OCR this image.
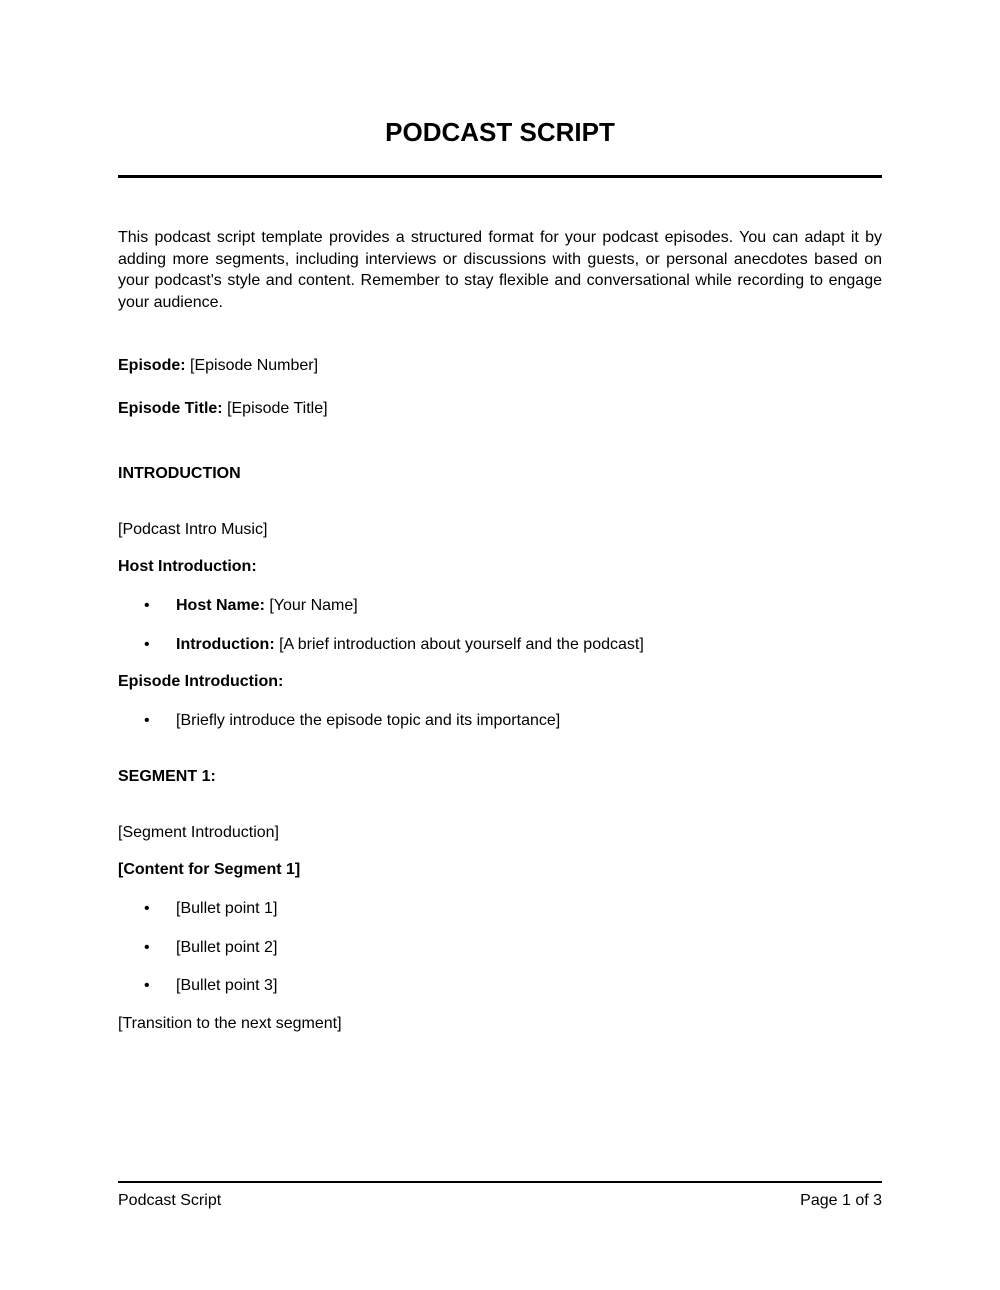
PODCAST SCRIPT

This podcast script template provides a structured format for your podcast episodes. You can adapt it by adding more segments, including interviews or discussions with guests, or personal anecdotes based on your podcast's style and content. Remember to stay flexible and conversational while recording to engage your audience.

Episode: [Episode Number]

Episode Title: [Episode Title]

INTRODUCTION

[Podcast Intro Music]

Host Introduction:

• Host Name: [Your Name]

• Introduction: [A brief introduction about yourself and the podcast]

Episode Introduction:

• [Briefly introduce the episode topic and its importance]

SEGMENT 1:

[Segment Introduction]

[Content for Segment 1]

• [Bullet point 1]

• [Bullet point 2]

• [Bullet point 3]

[Transition to the next segment]

Podcast Script	Page 1 of 3
